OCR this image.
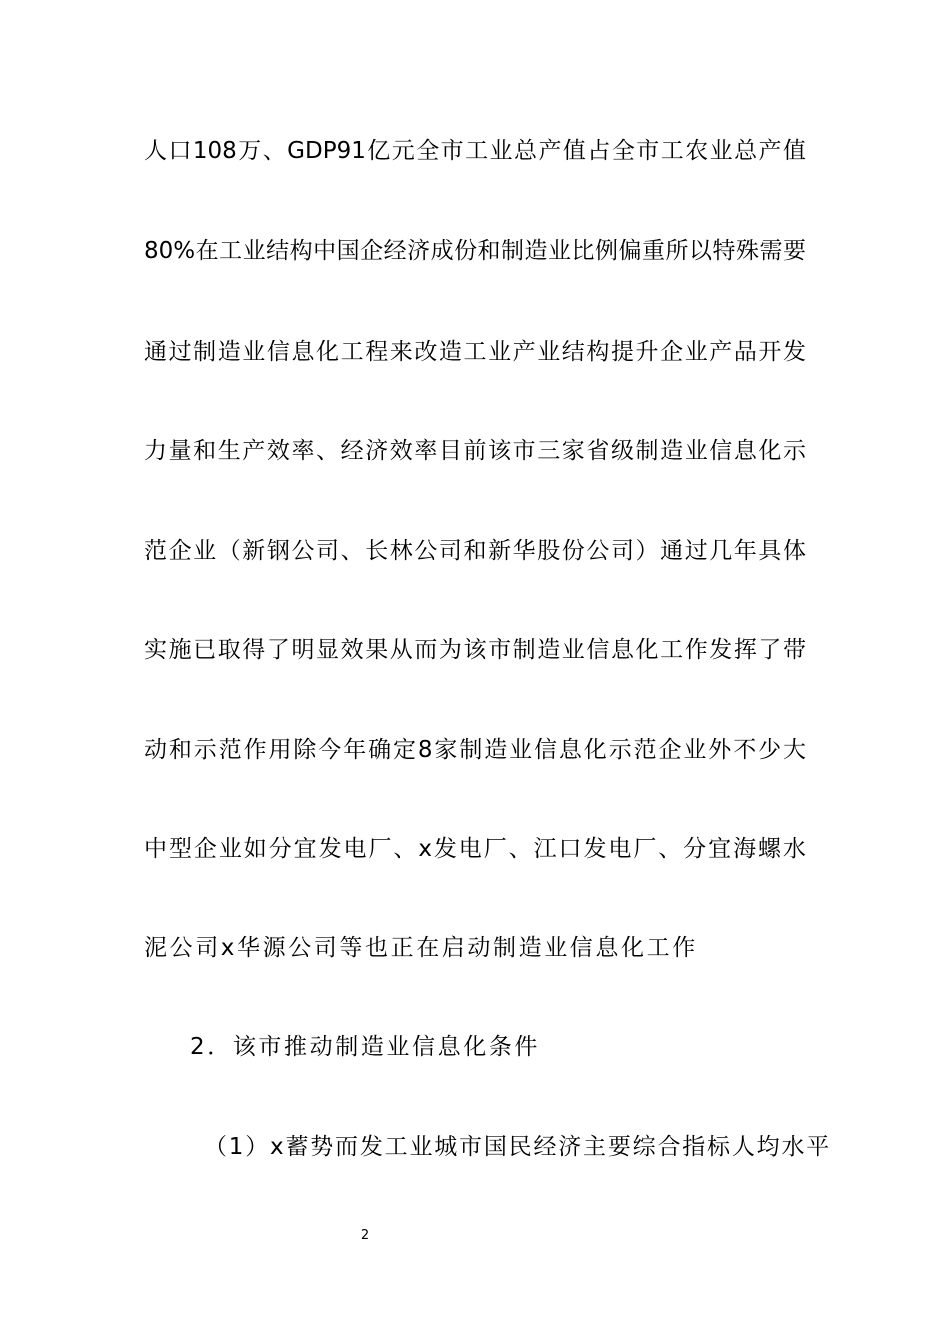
人口108万、GDP91亿元全市工业总产值占全市工农业总产值
80%在工业结构中国企经济成份和制造业比例偏重所以特殊需要
通过制造业信息化工程来改造工业产业结构提升企业产品开发
力量和生产效率、经济效率目前该市三家省级制造业信息化示
范企业（新钢公司、长林公司和新华股份公司）通过几年具体
实施已取得了明显效果从而为该市制造业信息化工作发挥了带
动和示范作用除今年确定8家制造业信息化示范企业外不少大
中型企业如分宜发电厂、x发电厂、江口发电厂、分宜海螺水
泥公司x华源公司等也正在启动制造业信息化工作
2．该市推动制造业信息化条件
（1）x蓄势而发工业城市国民经济主要综合指标人均水平
2
